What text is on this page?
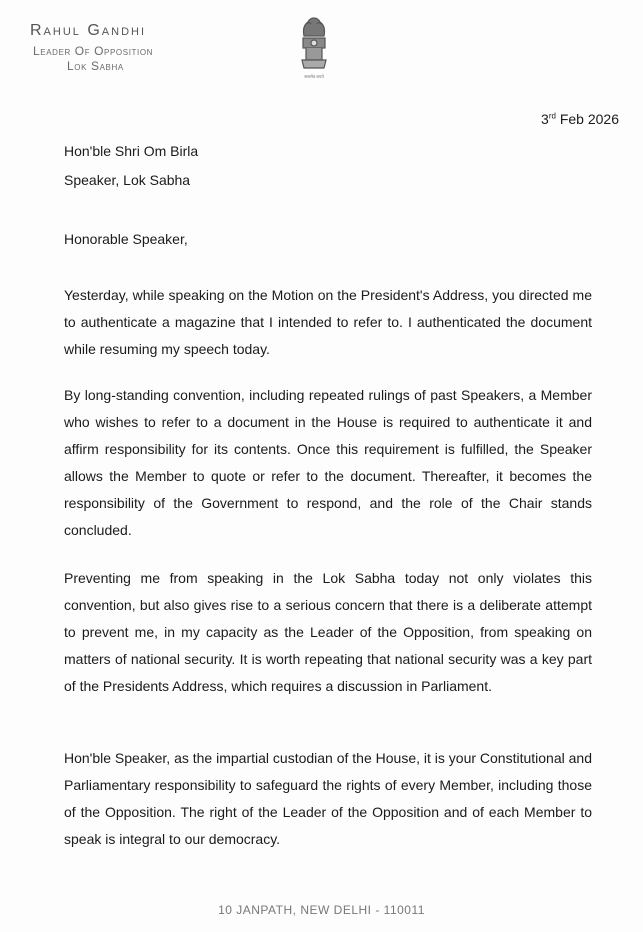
Rahul Gandhi
Leader Of Opposition
Lok Sabha
सत्यमेव जयते
3rd Feb 2026
Hon'ble Shri Om Birla
Speaker, Lok Sabha
Honorable Speaker,
Yesterday, while speaking on the Motion on the President's Address, you directed me to authenticate a magazine that I intended to refer to. I authenticated the document while resuming my speech today.
By long-standing convention, including repeated rulings of past Speakers, a Member who wishes to refer to a document in the House is required to authenticate it and affirm responsibility for its contents. Once this requirement is fulfilled, the Speaker allows the Member to quote or refer to the document. Thereafter, it becomes the responsibility of the Government to respond, and the role of the Chair stands concluded.
Preventing me from speaking in the Lok Sabha today not only violates this convention, but also gives rise to a serious concern that there is a deliberate attempt to prevent me, in my capacity as the Leader of the Opposition, from speaking on matters of national security. It is worth repeating that national security was a key part of the Presidents Address, which requires a discussion in Parliament.
Hon'ble Speaker, as the impartial custodian of the House, it is your Constitutional and Parliamentary responsibility to safeguard the rights of every Member, including those of the Opposition. The right of the Leader of the Opposition and of each Member to speak is integral to our democracy.
10 JANPATH, NEW DELHI - 110011
